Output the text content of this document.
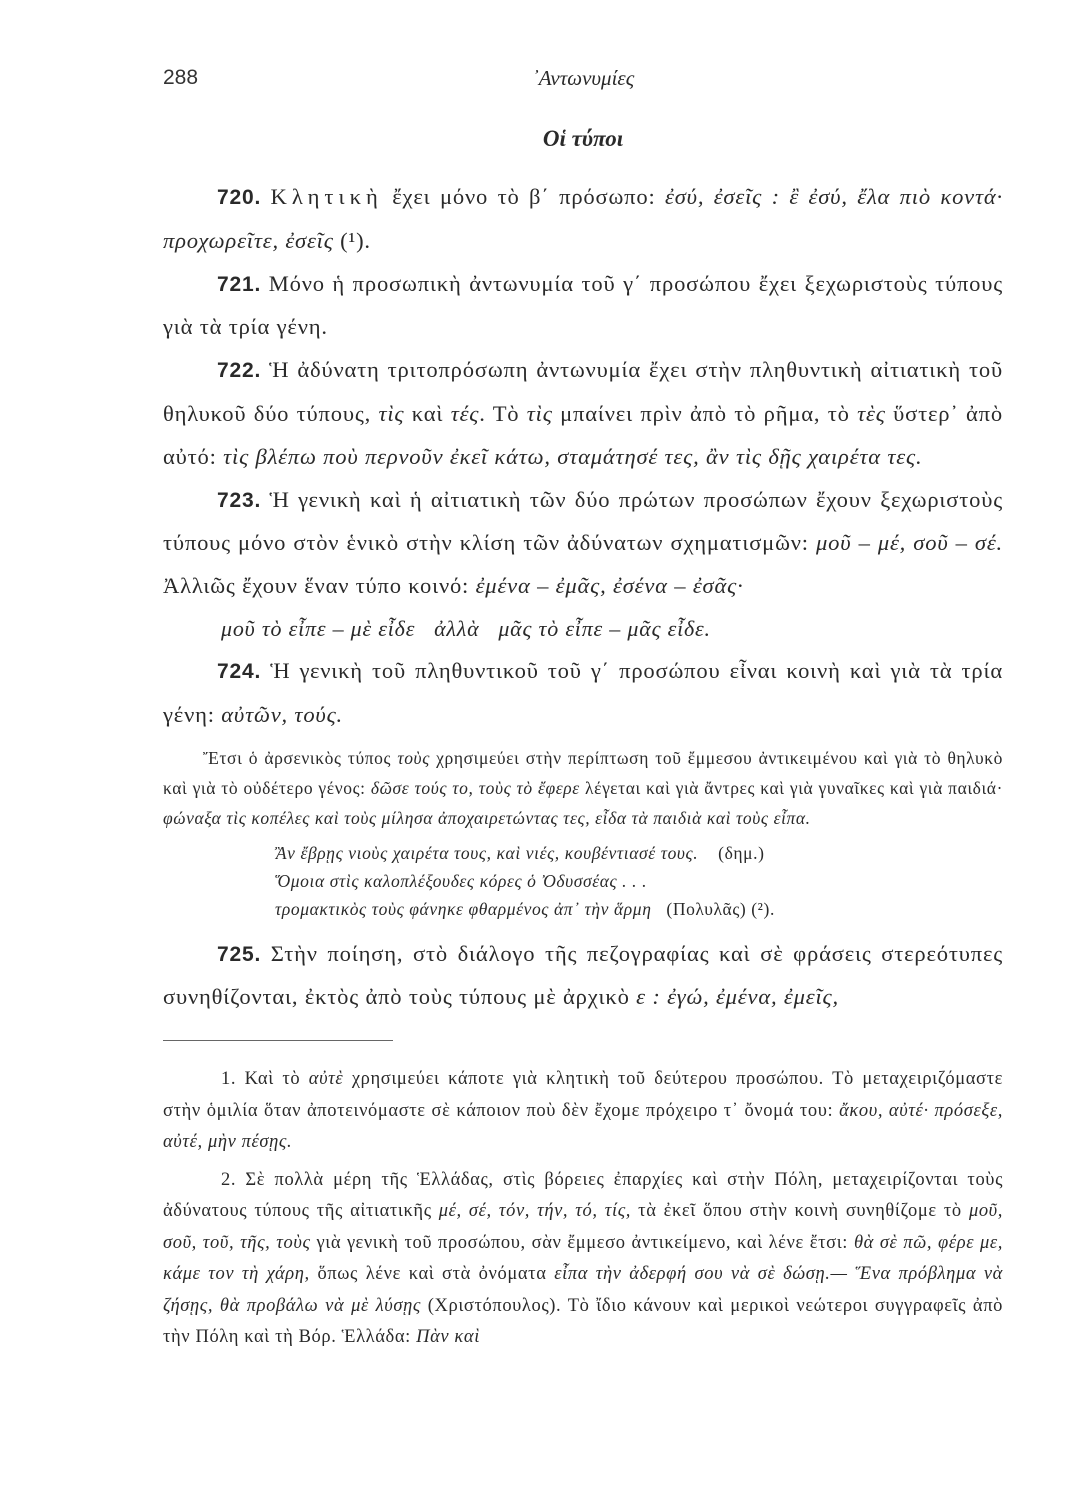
288	᾽Αντωνυμίες
Οἱ τύποι

720. Κλητικὴ ἔχει μόνο τὸ β΄ πρόσωπο: ἐσύ, ἐσεῖς : ἒ ἐσύ, ἔλα πιὸ κοντά· προχωρεῖτε, ἐσεῖς (¹).

721. Μόνο ἡ προσωπικὴ ἀντωνυμία τοῦ γ΄ προσώπου ἔχει ξεχωριστοὺς τύπους γιὰ τὰ τρία γένη.

722. Ἡ ἀδύνατη τριτοπρόσωπη ἀντωνυμία ἔχει στὴν πληθυντικὴ αἰτιατικὴ τοῦ θηλυκοῦ δύο τύπους, τὶς καὶ τές. Τὸ τὶς μπαίνει πρὶν ἀπὸ τὸ ρῆμα, τὸ τὲς ὕστερ᾽ ἀπὸ αὐτό: τὶς βλέπω ποὺ περνοῦν ἐκεῖ κάτω, σταμάτησέ τες, ἂν τὶς δῇς χαιρέτα τες.

723. Ἡ γενικὴ καὶ ἡ αἰτιατικὴ τῶν δύο πρώτων προσώπων ἔχουν ξεχωριστοὺς τύπους μόνο στὸν ἑνικὸ στὴν κλίση τῶν ἀδύνατων σχηματισμῶν: μοῦ – μέ, σοῦ – σέ. Ἀλλιῶς ἔχουν ἕναν τύπο κοινό: ἐμένα – ἐμᾶς, ἐσένα – ἐσᾶς·

μοῦ τὸ εἶπε – μὲ εἶδε   ἀλλὰ   μᾶς τὸ εἶπε – μᾶς εἶδε.

724. Ἡ γενικὴ τοῦ πληθυντικοῦ τοῦ γ΄ προσώπου εἶναι κοινὴ καὶ γιὰ τὰ τρία γένη: αὐτῶν, τούς.

Ἔτσι ὁ ἀρσενικὸς τύπος τοὺς χρησιμεύει στὴν περίπτωση τοῦ ἔμμεσου ἀντικειμένου καὶ γιὰ τὸ θηλυκὸ καὶ γιὰ τὸ οὐδέτερο γένος: δῶσε τούς το, τοὺς τὸ ἔφερε λέγεται καὶ γιὰ ἄντρες καὶ γιὰ γυναῖκες καὶ γιὰ παιδιά· φώναξα τὶς κοπέλες καὶ τοὺς μίλησα ἀποχαιρετώντας τες, εἶδα τὰ παιδιὰ καὶ τοὺς εἶπα.

Ἂν ἔβρῃς νιοὺς χαιρέτα τους, καὶ νιές, κουβέντιασέ τους. (δημ.)
Ὅμοια στὶς καλοπλέξουδες κόρες ὁ Ὀδυσσέας . . .
τρομακτικὸς τοὺς φάνηκε φθαρμένος ἀπ᾽ τὴν ἅρμη (Πολυλᾶς) (²).

725. Στὴν ποίηση, στὸ διάλογο τῆς πεζογραφίας καὶ σὲ φράσεις στερεότυπες συνηθίζονται, ἐκτὸς ἀπὸ τοὺς τύπους μὲ ἀρχικὸ ε : ἐγώ, ἐμένα, ἐμεῖς,

1. Καὶ τὸ αὐτὲ χρησιμεύει κάποτε γιὰ κλητικὴ τοῦ δεύτερου προσώπου. Τὸ μεταχειριζόμαστε στὴν ὁμιλία ὅταν ἀποτεινόμαστε σὲ κάποιον ποὺ δὲν ἔχομε πρόχειρο τ᾽ ὄνομά του: ἄκου, αὐτέ· πρόσεξε, αὐτέ, μὴν πέσῃς.

2. Σὲ πολλὰ μέρη τῆς Ἑλλάδας, στὶς βόρειες ἐπαρχίες καὶ στὴν Πόλη, μεταχειρίζονται τοὺς ἀδύνατους τύπους τῆς αἰτιατικῆς μέ, σέ, τόν, τήν, τό, τίς, τὰ ἐκεῖ ὅπου στὴν κοινὴ συνηθίζομε τὸ μοῦ, σοῦ, τοῦ, τῆς, τοὺς γιὰ γενικὴ τοῦ προσώπου, σὰν ἔμμεσο ἀντικείμενο, καὶ λένε ἔτσι: θὰ σὲ πῶ, φέρε με, κάμε τον τὴ χάρη, ὅπως λένε καὶ στὰ ὀνόματα εἶπα τὴν ἀδερφή σου νὰ σὲ δώσῃ.— Ἕνα πρόβλημα νὰ ζήσῃς, θὰ προβάλω νὰ μὲ λύσῃς (Χριστόπουλος). Τὸ ἴδιο κάνουν καὶ μερικοὶ νεώτεροι συγγραφεῖς ἀπὸ τὴν Πόλη καὶ τὴ Βόρ. Ἑλλάδα: Πὰν καὶ
